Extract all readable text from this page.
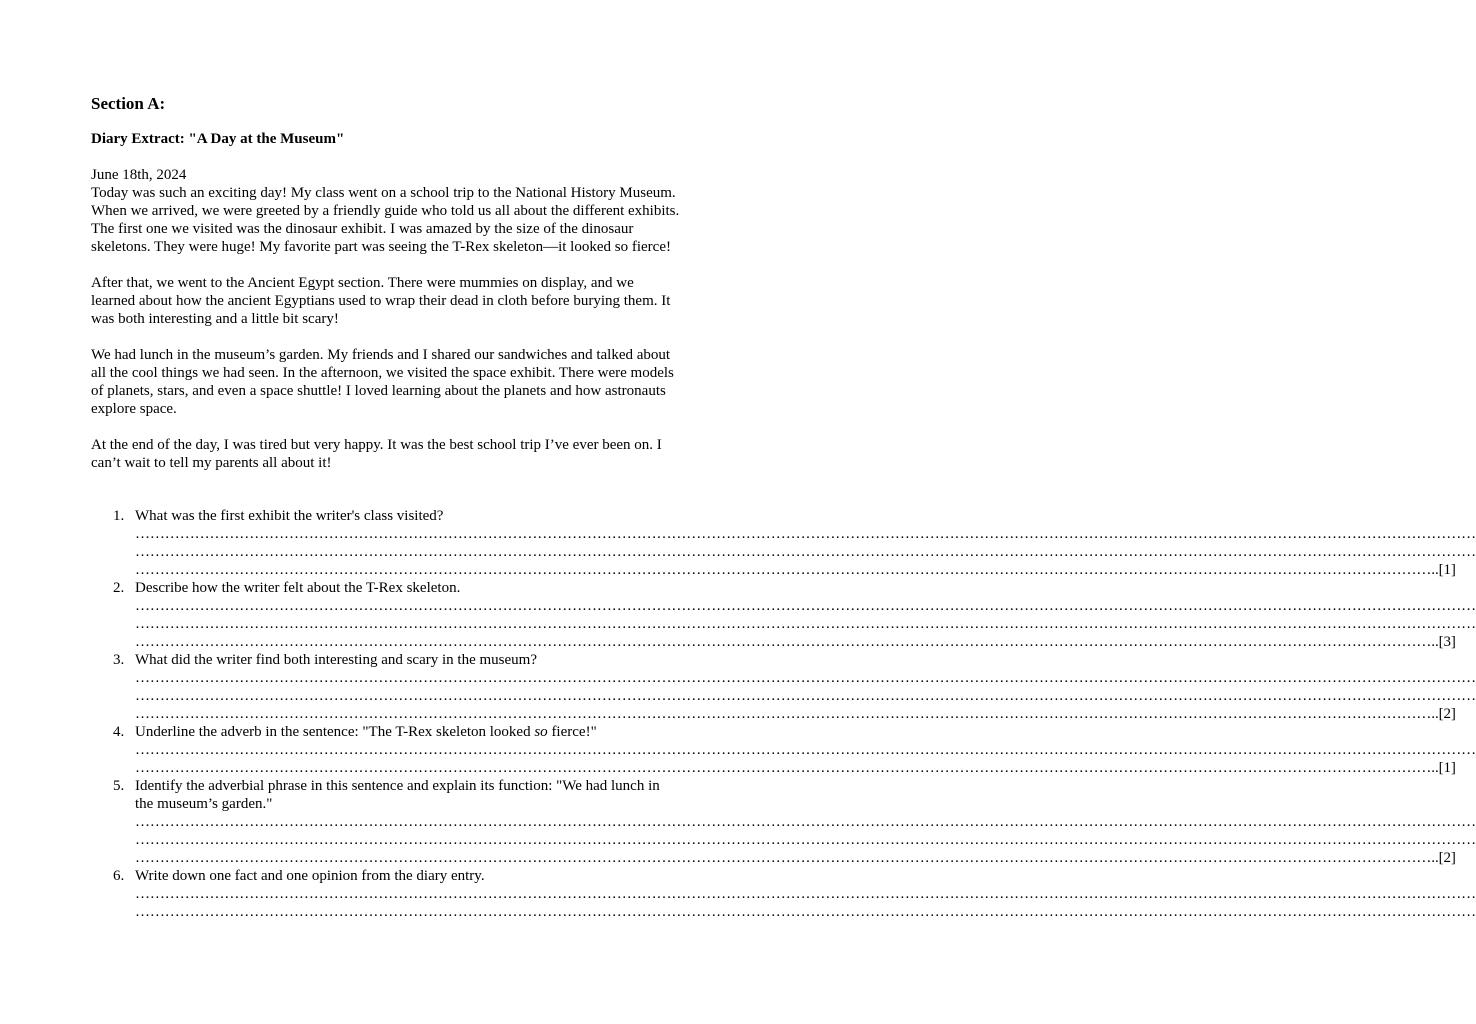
Section A:
Diary Extract: "A Day at the Museum"

June 18th, 2024

Today was such an exciting day! My class went on a school trip to the National History Museum. When we arrived, we were greeted by a friendly guide who told us all about the different exhibits. The first one we visited was the dinosaur exhibit. I was amazed by the size of the dinosaur skeletons. They were huge! My favorite part was seeing the T-Rex skeleton—it looked so fierce!

After that, we went to the Ancient Egypt section. There were mummies on display, and we learned about how the ancient Egyptians used to wrap their dead in cloth before burying them. It was both interesting and a little bit scary!

We had lunch in the museum’s garden. My friends and I shared our sandwiches and talked about all the cool things we had seen. In the afternoon, we visited the space exhibit. There were models of planets, stars, and even a space shuttle! I loved learning about the planets and how astronauts explore space.

At the end of the day, I was tired but very happy. It was the best school trip I’ve ever been on. I can’t wait to tell my parents all about it!

1. What was the first exhibit the writer's class visited?
………………………………………………………………………………………………………………………………………………………………………………………………………………………………………………
………………………………………………………………………………………………………………………………………………………………………………………………………………………………………………
………………………………………………………………………………………………………………………………………………………………………………………………………………………………………..[1]
2. Describe how the writer felt about the T-Rex skeleton.
………………………………………………………………………………………………………………………………………………………………………………………………………………………………………………
………………………………………………………………………………………………………………………………………………………………………………………………………………………………………………
………………………………………………………………………………………………………………………………………………………………………………………………………………………………………..[3]
3. What did the writer find both interesting and scary in the museum?
………………………………………………………………………………………………………………………………………………………………………………………………………………………………………………
………………………………………………………………………………………………………………………………………………………………………………………………………………………………………………
………………………………………………………………………………………………………………………………………………………………………………………………………………………………………..[2]
4. Underline the adverb in the sentence: "The T-Rex skeleton looked so fierce!"
………………………………………………………………………………………………………………………………………………………………………………………………………………………………………………
………………………………………………………………………………………………………………………………………………………………………………………………………………………………………..[1]
5. Identify the adverbial phrase in this sentence and explain its function: "We had lunch in the museum’s garden."
………………………………………………………………………………………………………………………………………………………………………………………………………………………………………………
………………………………………………………………………………………………………………………………………………………………………………………………………………………………………………
………………………………………………………………………………………………………………………………………………………………………………………………………………………………………..[2]
6. Write down one fact and one opinion from the diary entry.
………………………………………………………………………………………………………………………………………………………………………………………………………………………………………………
………………………………………………………………………………………………………………………………………………………………………………………………………………………………………………
